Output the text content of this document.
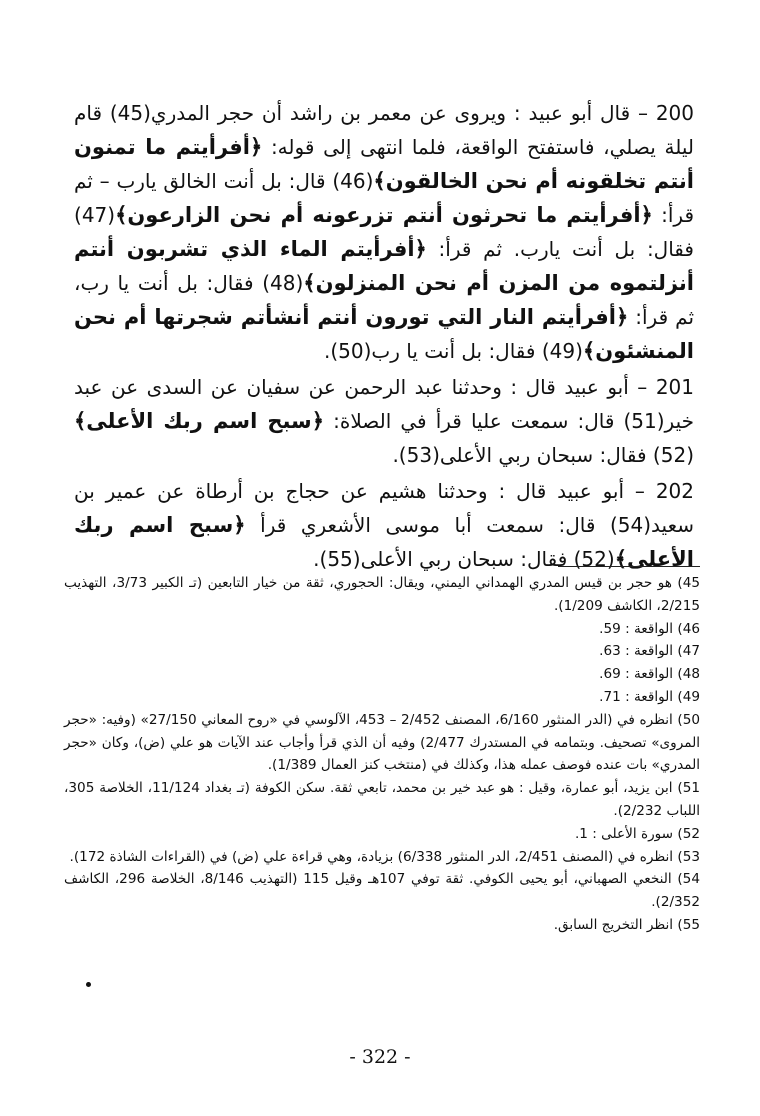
200 – قال أبو عبيد : ويروى عن معمر بن راشد أن حجر المدري(45) قام ليلة يصلي، فاستفتح الواقعة، فلما انتهى إلى قوله: ﴿أفرأيتم ما تمنون أنتم تخلقونه أم نحن الخالقون﴾(46) قال: بل أنت الخالق يارب – ثم قرأ: ﴿أفرأيتم ما تحرثون أنتم تزرعونه أم نحن الزارعون﴾(47) فقال: بل أنت يارب. ثم قرأ: ﴿أفرأيتم الماء الذي تشربون أنتم أنزلتموه من المزن أم نحن المنزلون﴾(48) فقال: بل أنت يا رب، ثم قرأ: ﴿أفرأيتم النار التي تورون أنتم أنشأتم شجرتها أم نحن المنشئون﴾(49) فقال: بل أنت يا رب(50).

201 – أبو عبيد قال : وحدثنا عبد الرحمن عن سفيان عن السدى عن عبد خير(51) قال: سمعت عليا قرأ في الصلاة: ﴿سبح اسم ربك الأعلى﴾(52) فقال: سبحان ربي الأعلى(53).

202 – أبو عبيد قال : وحدثنا هشيم عن حجاج بن أرطاة عن عمير بن سعيد(54) قال: سمعت أبا موسى الأشعري قرأ ﴿سبح اسم ربك الأعلى﴾(52) فقال: سبحان ربي الأعلى(55).

45) هو حجر بن قيس المدري الهمداني اليمني، ويقال: الحجوري، ثقة من خيار التابعين (تـ الكبير 3/73، التهذيب 2/215، الكاشف 1/209).

46) الواقعة : 59.

47) الواقعة : 63.

48) الواقعة : 69.

49) الواقعة : 71.

50) انظره في (الدر المنثور 6/160، المصنف 2/452 – 453، الآلوسي في «روح المعاني 27/150» (وفيه: «حجر المروى» تصحيف. وبتمامه في المستدرك 2/477) وفيه أن الذي قرأ وأجاب عند الآيات هو علي (ض)، وكان «حجر المدري» بات عنده فوصف عمله هذا، وكذلك في (منتخب كنز العمال 1/389).

51) ابن يزيد، أبو عمارة، وقيل : هو عبد خير بن محمد، تابعي ثقة. سكن الكوفة (تـ بغداد 11/124، الخلاصة 305، اللباب 2/232).

52) سورة الأعلى : 1.

53) انظره في (المصنف 2/451، الدر المنثور 6/338) بزيادة، وهي قراءة علي (ض) في (القراءات الشاذة 172).

54) النخعي الصهباني، أبو يحيى الكوفي. ثقة توفي 107هـ وقيل 115 (التهذيب 8/146، الخلاصة 296، الكاشف 2/352).

55) انظر التخريج السابق.

- 322 -
